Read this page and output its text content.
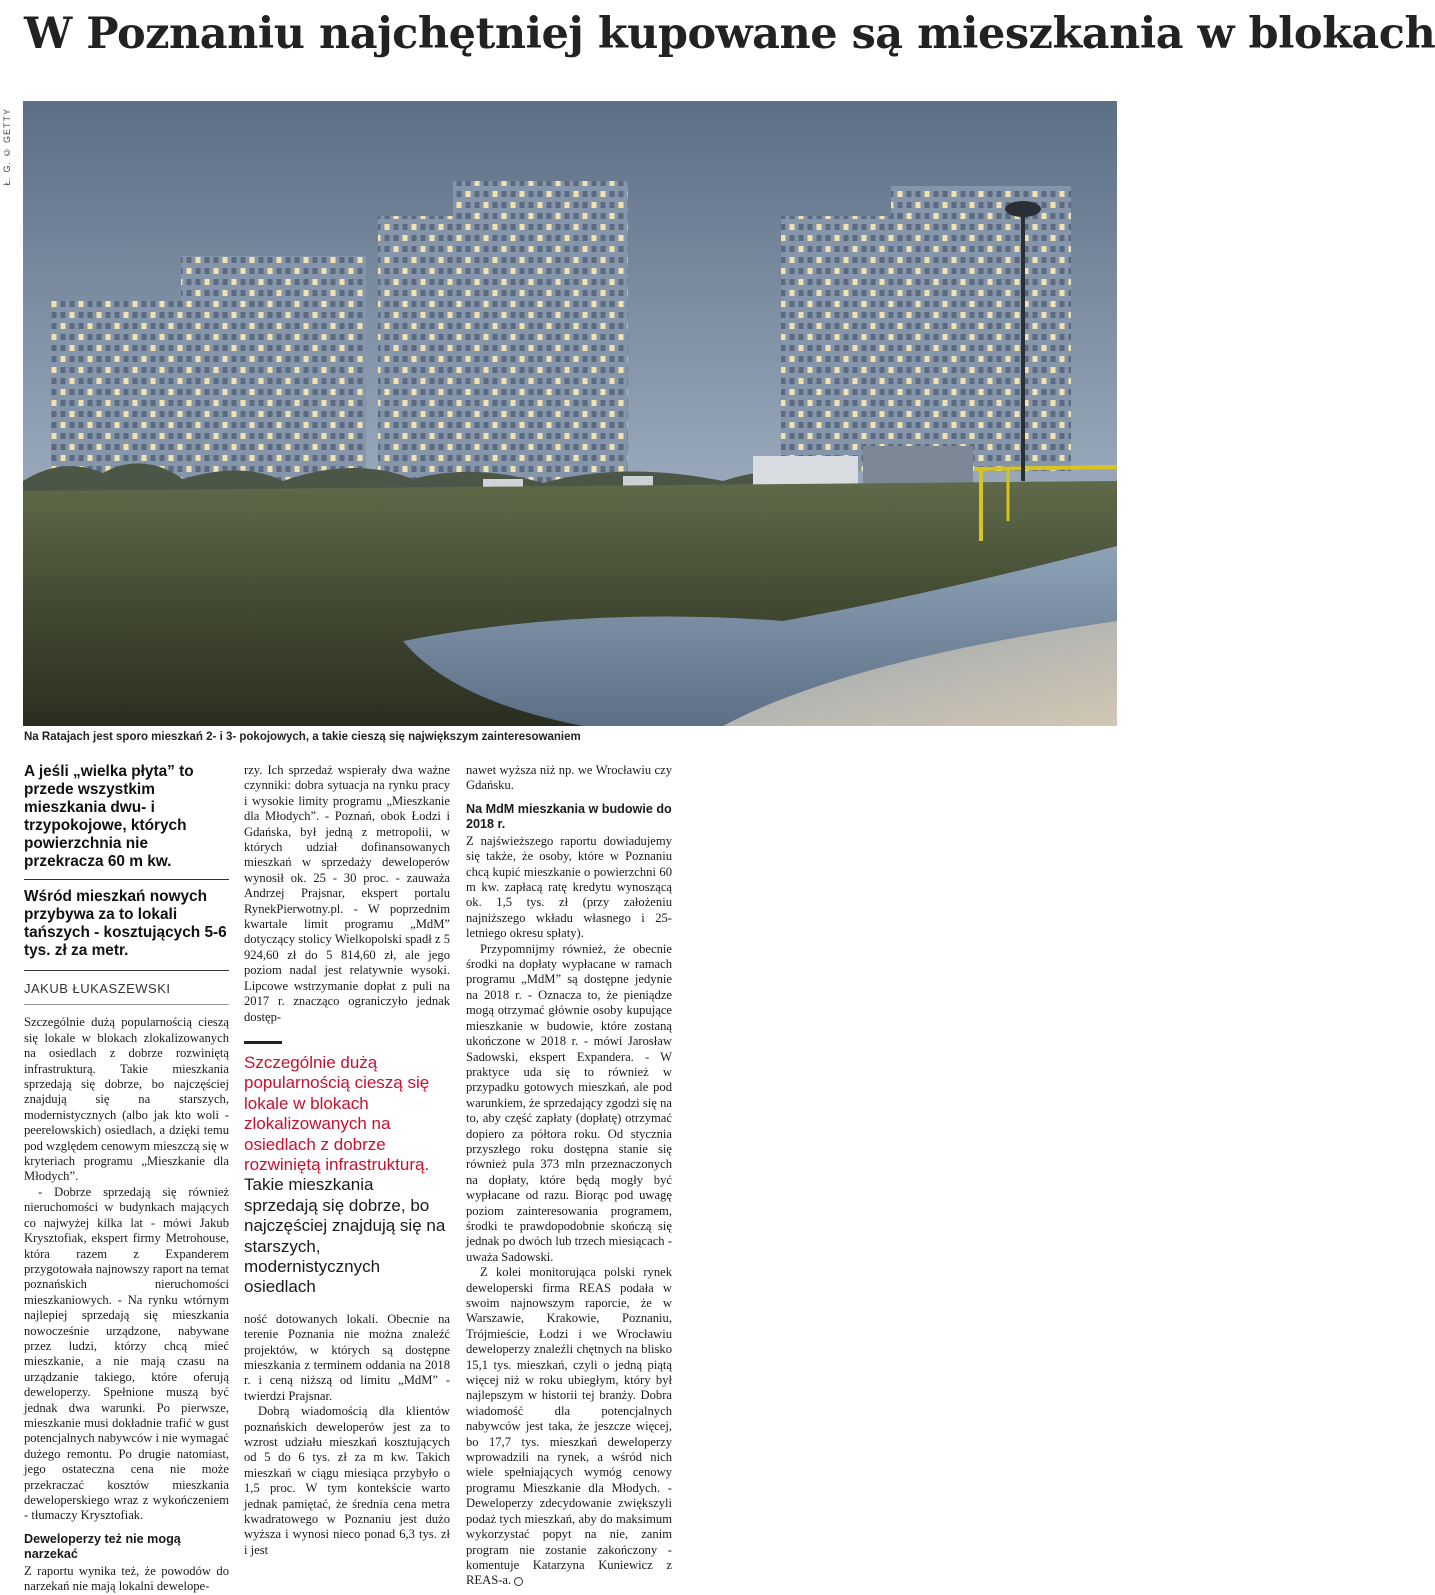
W Poznaniu najchętniej kupowane są mieszkania w blokach
Ł. G. © GETTY
Na Ratajach jest sporo mieszkań 2- i 3- pokojowych, a takie cieszą się największym zainteresowaniem

A jeśli „wielka płyta” to przede wszystkim mieszkania dwu- i trzypokojowe, których powierzchnia nie przekracza 60 m kw.

Wśród mieszkań nowych przybywa za to lokali tańszych - kosztujących 5-6 tys. zł za metr.

JAKUB ŁUKASZEWSKI

Szczególnie dużą popularnością cieszą się lokale w blokach zlokalizowanych na osiedlach z dobrze rozwiniętą infrastrukturą. Takie mieszkania sprzedają się dobrze, bo najczęściej znajdują się na starszych, modernistycznych (albo jak kto woli - peerelowskich) osiedlach, a dzięki temu pod względem cenowym mieszczą się w kryteriach programu „Mieszkanie dla Młodych”.

- Dobrze sprzedają się również nieruchomości w budynkach mających co najwyżej kilka lat - mówi Jakub Krysztofiak, ekspert firmy Metrohouse, która razem z Expanderem przygotowała najnowszy raport na temat poznańskich nieruchomości mieszkaniowych. - Na rynku wtórnym najlepiej sprzedają się mieszkania nowocześnie urządzone, nabywane przez ludzi, którzy chcą mieć mieszkanie, a nie mają czasu na urządzanie takiego, które oferują deweloperzy. Spełnione muszą być jednak dwa warunki. Po pierwsze, mieszkanie musi dokładnie trafić w gust potencjalnych nabywców i nie wymagać dużego remontu. Po drugie natomiast, jego ostateczna cena nie może przekraczać kosztów mieszkania deweloperskiego wraz z wykończeniem - tłumaczy Krysztofiak.

Deweloperzy też nie mogą narzekać

Z raportu wynika też, że powodów do narzekań nie mają lokalni dewelope-

rzy. Ich sprzedaż wspierały dwa ważne czynniki: dobra sytuacja na rynku pracy i wysokie limity programu „Mieszkanie dla Młodych”. - Poznań, obok Łodzi i Gdańska, był jedną z metropolii, w których udział dofinansowanych mieszkań w sprzedaży deweloperów wynosił ok. 25 - 30 proc. - zauważa Andrzej Prajsnar, ekspert portalu RynekPierwotny.pl. - W poprzednim kwartale limit programu „MdM” dotyczący stolicy Wielkopolski spadł z 5 924,60 zł do 5 814,60 zł, ale jego poziom nadal jest relatywnie wysoki. Lipcowe wstrzymanie dopłat z puli na 2017 r. znacząco ograniczyło jednak dostęp-

Szczególnie dużą popularnością cieszą się lokale w blokach zlokalizowanych na osiedlach z dobrze rozwiniętą infrastrukturą. Takie mieszkania sprzedają się dobrze, bo najczęściej znajdują się na starszych, modernistycznych osiedlach

ność dotowanych lokali. Obecnie na terenie Poznania nie można znaleźć projektów, w których są dostępne mieszkania z terminem oddania na 2018 r. i ceną niższą od limitu „MdM” - twierdzi Prajsnar.

Dobrą wiadomością dla klientów poznańskich deweloperów jest za to wzrost udziału mieszkań kosztujących od 5 do 6 tys. zł za m kw. Takich mieszkań w ciągu miesiąca przybyło o 1,5 proc. W tym kontekście warto jednak pamiętać, że średnia cena metra kwadratowego w Poznaniu jest dużo wyższa i wynosi nieco ponad 6,3 tys. zł i jest

nawet wyższa niż np. we Wrocławiu czy Gdańsku.

Na MdM mieszkania w budowie do 2018 r.

Z najświeższego raportu dowiadujemy się także, że osoby, które w Poznaniu chcą kupić mieszkanie o powierzchni 60 m kw. zapłacą ratę kredytu wynoszącą ok. 1,5 tys. zł (przy założeniu najniższego wkładu własnego i 25-letniego okresu spłaty).

Przypomnijmy również, że obecnie środki na dopłaty wypłacane w ramach programu „MdM” są dostępne jedynie na 2018 r. - Oznacza to, że pieniądze mogą otrzymać głównie osoby kupujące mieszkanie w budowie, które zostaną ukończone w 2018 r. - mówi Jarosław Sadowski, ekspert Expandera. - W praktyce uda się to również w przypadku gotowych mieszkań, ale pod warunkiem, że sprzedający zgodzi się na to, aby część zapłaty (dopłatę) otrzymać dopiero za półtora roku. Od stycznia przyszłego roku dostępna stanie się również pula 373 mln przeznaczonych na dopłaty, które będą mogły być wypłacane od razu. Biorąc pod uwagę poziom zainteresowania programem, środki te prawdopodobnie skończą się jednak po dwóch lub trzech miesiącach - uważa Sadowski.

Z kolei monitorująca polski rynek deweloperski firma REAS podała w swoim najnowszym raporcie, że w Warszawie, Krakowie, Poznaniu, Trójmieście, Łodzi i we Wrocławiu deweloperzy znaleźli chętnych na blisko 15,1 tys. mieszkań, czyli o jedną piątą więcej niż w roku ubiegłym, który był najlepszym w historii tej branży. Dobra wiadomość dla potencjalnych nabywców jest taka, że jeszcze więcej, bo 17,7 tys. mieszkań deweloperzy wprowadzili na rynek, a wśród nich wiele spełniających wymóg cenowy programu Mieszkanie dla Młodych. - Deweloperzy zdecydowanie zwiększyli podaż tych mieszkań, aby do maksimum wykorzystać popyt na nie, zanim program nie zostanie zakończony - komentuje Katarzyna Kuniewicz z REAS-a.
